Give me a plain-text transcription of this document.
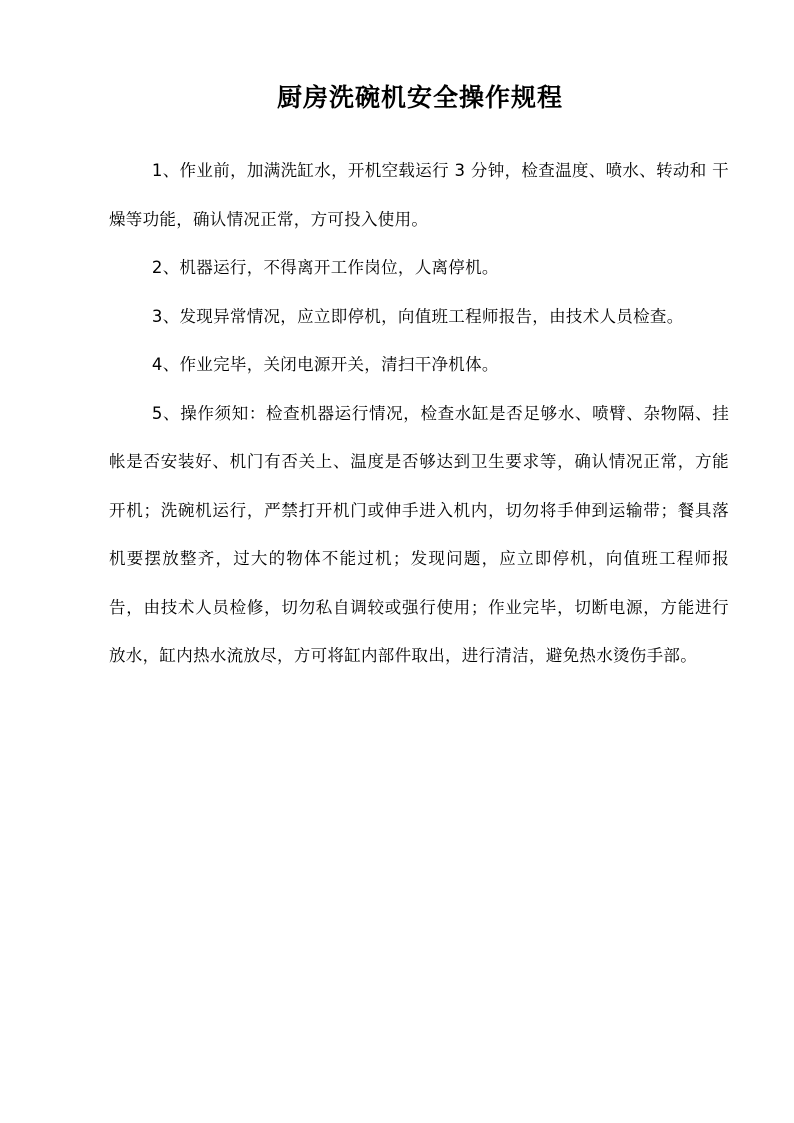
厨房洗碗机安全操作规程

1、作业前，加满洗缸水，开机空载运行 3 分钟，检查温度、喷水、转动和 干燥等功能，确认情况正常，方可投入使用。

2、机器运行，不得离开工作岗位，人离停机。

3、发现异常情况，应立即停机，向值班工程师报告，由技术人员检查。

4、作业完毕，关闭电源开关，清扫干净机体。

5、操作须知：检查机器运行情况，检查水缸是否足够水、喷臂、杂物隔、挂帐是否安装好、机门有否关上、温度是否够达到卫生要求等，确认情况正常，方能开机；洗碗机运行，严禁打开机门或伸手进入机内，切勿将手伸到运输带；餐具落机要摆放整齐，过大的物体不能过机；发现问题，应立即停机，向值班工程师报告，由技术人员检修，切勿私自调较或强行使用；作业完毕，切断电源，方能进行放水，缸内热水流放尽，方可将缸内部件取出，进行清洁，避免热水烫伤手部。
